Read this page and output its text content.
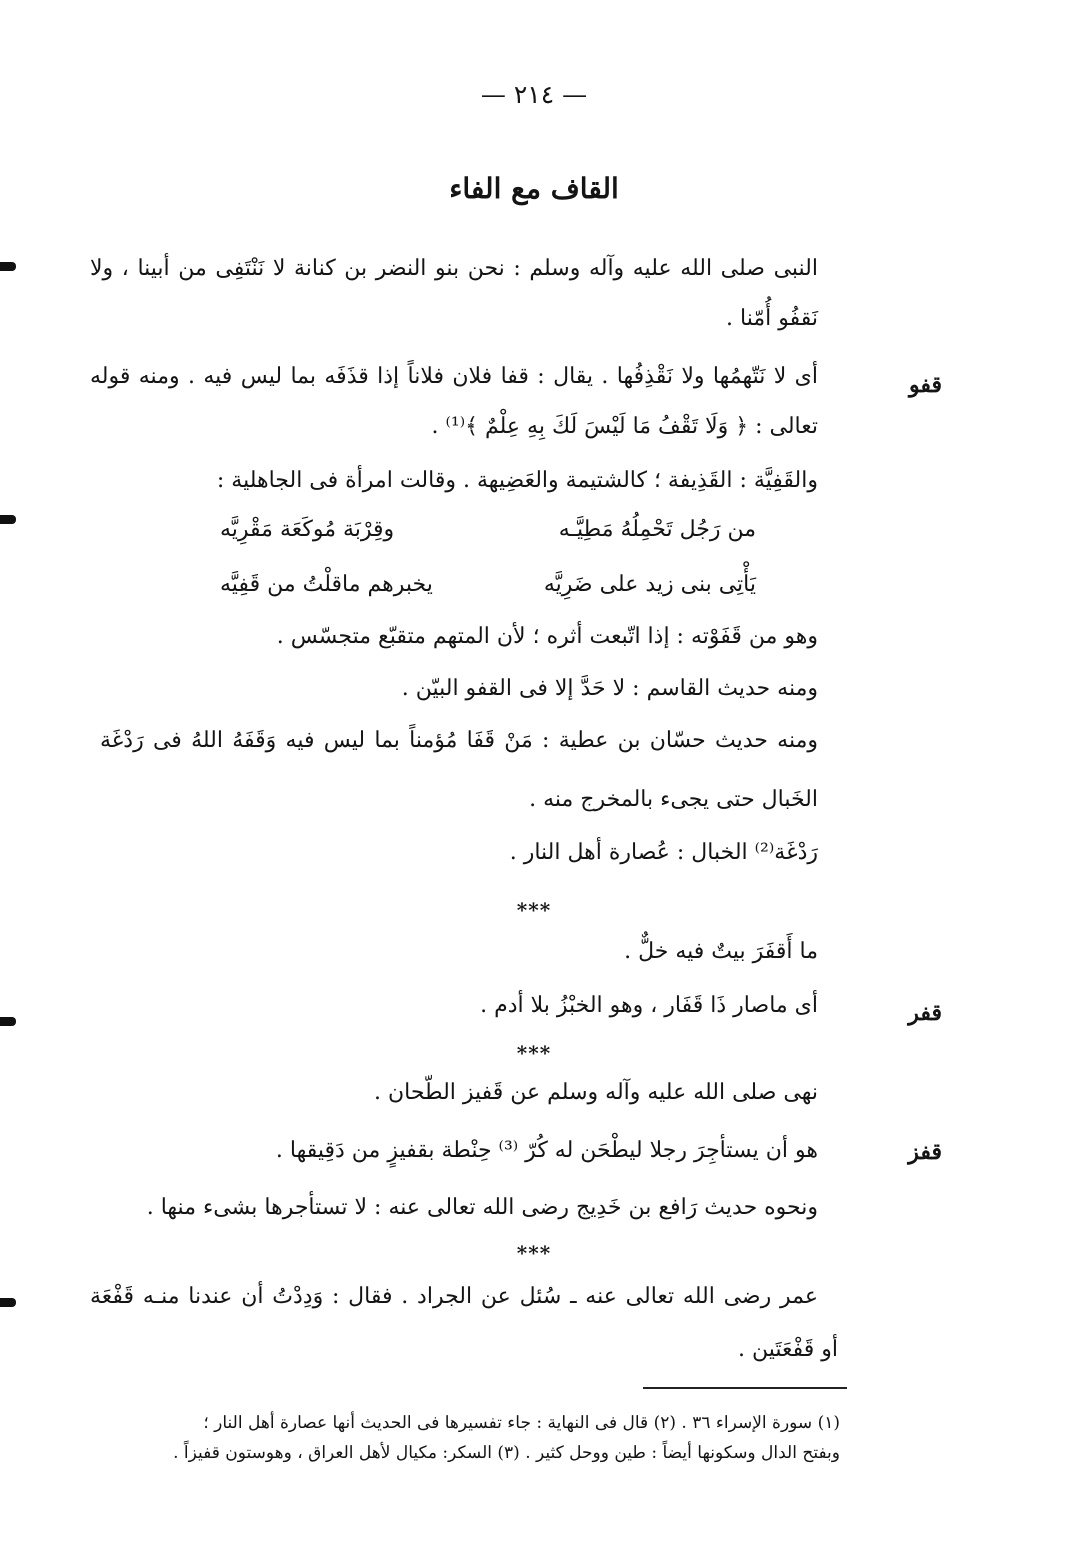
— ٢١٤ —
القاف مع الفاء
النبى صلى الله عليه وآله وسلم : نحن بنو النضر بن كنانة لا نَنْتَفِى من أبينا ، ولا
نَقفُو أُمّنا .
قفو
أى لا نَتّهمُها ولا نَقْذِفُها . يقال : قفا فلان فلاناً إذا قذَفَه بما ليس فيه . ومنه قوله
تعالى : ﴿ وَلَا تَقْفُ مَا لَيْسَ لَكَ بِهِ عِلْمٌ ﴾⁽¹⁾ .
والقَفِيَّة : القَذِيفة ؛ كالشتيمة والعَضِيهة . وقالت امرأة فى الجاهلية :
من رَجُل تَحْمِلُهُ مَطِيَّـه
وقِرْبَة مُوكَعَة مَقْرِيَّه
يَأْتِى بنى زيد على ضَرِيَّه
يخبرهم ماقلْتُ من قَفِيَّه
وهو من قَفَوْته : إذا اتّبعت أثره ؛ لأن المتهم متقبّع متجسّس .
ومنه حديث القاسم : لا حَدَّ إلا فى القفو البيّن .
ومنه حديث حسّان بن عطية : مَنْ قَفَا مُؤمناً بما ليس فيه وَقَفَهُ اللهُ فى رَدْغَة
الخَبال حتى يجىء بالمخرج منه .
رَدْغَة⁽²⁾ الخبال : عُصارة أهل النار .
***
ما أَقفَرَ بيتٌ فيه خلٌّ .
قفر
أى ماصار ذَا قَفَار ، وهو الخبْزُ بلا أدم .
***
نهى صلى الله عليه وآله وسلم عن قَفيز الطّحان .
قفز
هو أن يستأجِرَ رجلا ليطْحَن له كُرّ ⁽³⁾ حِنْطة بقفيزٍ من دَقِيقها .
ونحوه حديث رَافع بن خَدِيج رضى الله تعالى عنه : لا تستأجرها بشىء منها .
***
عمر رضى الله تعالى عنه ـ سُئل عن الجراد . فقال : وَدِدْتُ أن عندنا منـه قَفْعَة
أو قَفْعَتَين .
(١) سورة الإسراء ٣٦ . (٢) قال فى النهاية : جاء تفسيرها فى الحديث أنها عصارة أهل النار ؛
وبفتح الدال وسكونها أيضاً : طين ووحل كثير . (٣) السكر: مكيال لأهل العراق ، وهوستون قفيزاً .
